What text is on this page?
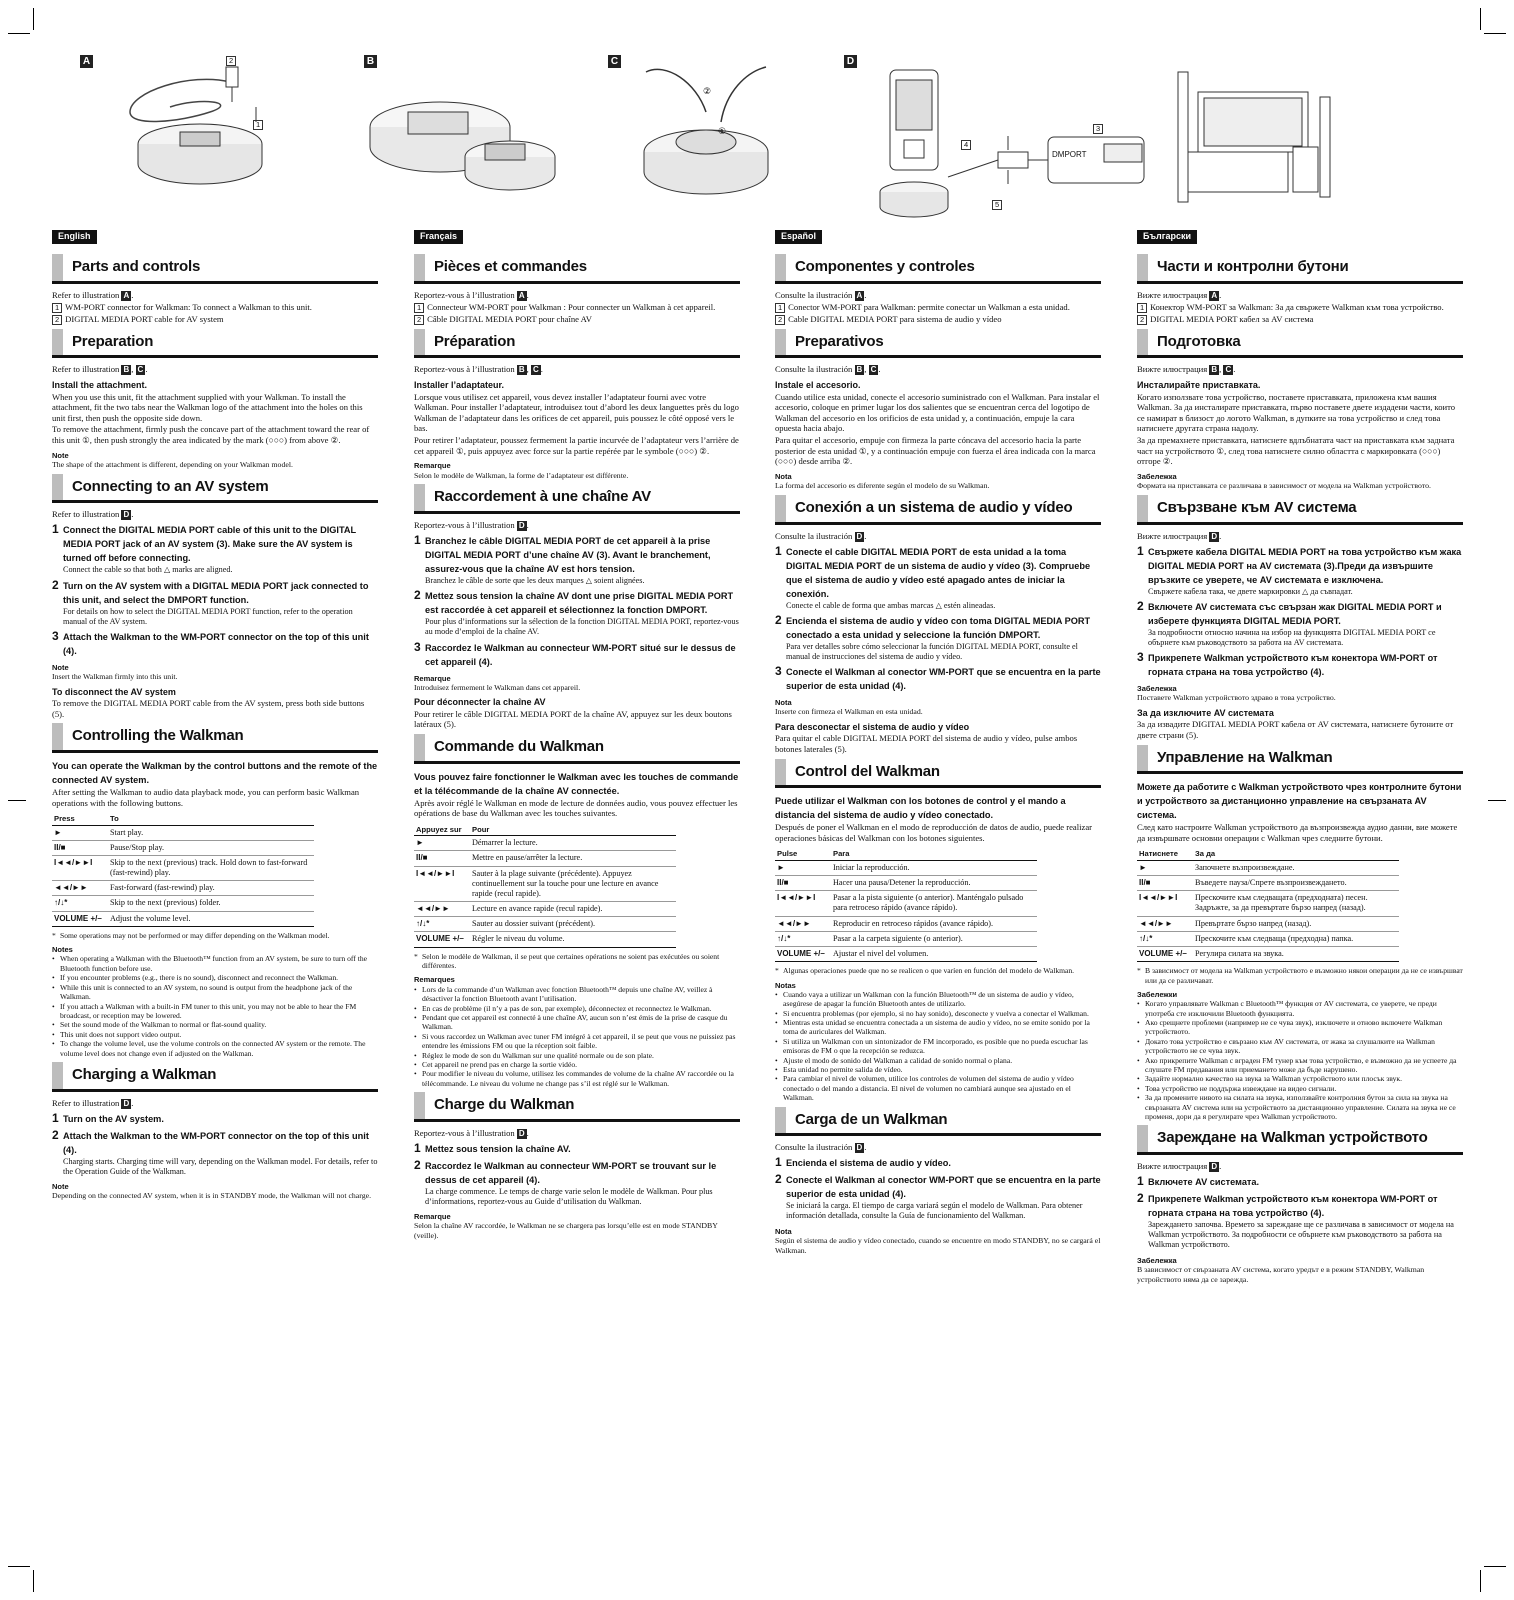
A
1
2	B	C
②
①
D
3
4
5
DMPORT
English
Parts and controls

Refer to illustration A .

1 WM-PORT connector for Walkman: To connect a Walkman to this unit.

2 DIGITAL MEDIA PORT cable for AV system

Preparation

Refer to illustration B , C .

Install the attachment.

When you use this unit, fit the attachment supplied with your Walkman. To install the attachment, fit the two tabs near the Walkman logo of the attachment into the holes on this unit first, then push the opposite side down.

To remove the attachment, firmly push the concave part of the attachment toward the rear of this unit ①, then push strongly the area indicated by the mark (○○○) from above ②.

Note

The shape of the attachment is different, depending on your Walkman model.

Connecting to an AV system

Refer to illustration D .

1 Connect the DIGITAL MEDIA PORT cable of this unit to the DIGITAL MEDIA PORT jack of an AV system (3). Make sure the AV system is turned off before connecting.
Connect the cable so that both △ marks are aligned.
2 Turn on the AV system with a DIGITAL MEDIA PORT jack connected to this unit, and select the DMPORT function.
For details on how to select the DIGITAL MEDIA PORT function, refer to the operation manual of the AV system.
3 Attach the Walkman to the WM-PORT connector on the top of this unit (4).
Note

Insert the Walkman firmly into this unit.

To disconnect the AV system

To remove the DIGITAL MEDIA PORT cable from the AV system, press both side buttons (5).

Controlling the Walkman
You can operate the Walkman by the control buttons and the remote of the connected AV system.

After setting the Walkman to audio data playback mode, you can perform basic Walkman operations with the following buttons.

Press	To
►	Start play.
II/■	Pause/Stop play.
I◄◄/►►I	Skip to the next (previous) track. Hold down to fast-forward (fast-rewind) play.
◄◄/►►	Fast-forward (fast-rewind) play.
↑/↓*	Skip to the next (previous) folder.
VOLUME +/–	Adjust the volume level.
* Some operations may not be performed or may differ depending on the Walkman model.
Notes
• When operating a Walkman with the Bluetooth™ function from an AV system, be sure to turn off the Bluetooth function before use.
• If you encounter problems (e.g., there is no sound), disconnect and reconnect the Walkman.
• While this unit is connected to an AV system, no sound is output from the headphone jack of the Walkman.
• If you attach a Walkman with a built-in FM tuner to this unit, you may not be able to hear the FM broadcast, or reception may be lowered.
• Set the sound mode of the Walkman to normal or flat-sound quality.
• This unit does not support video output.
• To change the volume level, use the volume controls on the connected AV system or the remote. The volume level does not change even if adjusted on the Walkman.
Charging a Walkman

Refer to illustration D .

1 Turn on the AV system.
2 Attach the Walkman to the WM-PORT connector on the top of this unit (4).
Charging starts. Charging time will vary, depending on the Walkman model. For details, refer to the Operation Guide of the Walkman.
Note

Depending on the connected AV system, when it is in STANDBY mode, the Walkman will not charge.

Français
Pièces et commandes

Reportez-vous à l’illustration A .

1 Connecteur WM-PORT pour Walkman : Pour connecter un Walkman à cet appareil.

2 Câble DIGITAL MEDIA PORT pour chaîne AV

Préparation

Reportez-vous à l’illustration B , C .

Installer l’adaptateur.

Lorsque vous utilisez cet appareil, vous devez installer l’adaptateur fourni avec votre Walkman. Pour installer l’adaptateur, introduisez tout d’abord les deux languettes près du logo Walkman de l’adaptateur dans les orifices de cet appareil, puis poussez le côté opposé vers le bas.

Pour retirer l’adaptateur, poussez fermement la partie incurvée de l’adaptateur vers l’arrière de cet appareil ①, puis appuyez avec force sur la partie repérée par le symbole (○○○) ②.

Remarque

Selon le modèle de Walkman, la forme de l’adaptateur est différente.

Raccordement à une chaîne AV

Reportez-vous à l’illustration D .

1 Branchez le câble DIGITAL MEDIA PORT de cet appareil à la prise DIGITAL MEDIA PORT d’une chaîne AV (3). Avant le branchement, assurez-vous que la chaîne AV est hors tension.
Branchez le câble de sorte que les deux marques △ soient alignées.
2 Mettez sous tension la chaîne AV dont une prise DIGITAL MEDIA PORT est raccordée à cet appareil et sélectionnez la fonction DMPORT.
Pour plus d’informations sur la sélection de la fonction DIGITAL MEDIA PORT, reportez-vous au mode d’emploi de la chaîne AV.
3 Raccordez le Walkman au connecteur WM-PORT situé sur le dessus de cet appareil (4).
Remarque

Introduisez fermement le Walkman dans cet appareil.

Pour déconnecter la chaîne AV

Pour retirer le câble DIGITAL MEDIA PORT de la chaîne AV, appuyez sur les deux boutons latéraux (5).

Commande du Walkman
Vous pouvez faire fonctionner le Walkman avec les touches de commande et la télécommande de la chaîne AV connectée.

Après avoir réglé le Walkman en mode de lecture de données audio, vous pouvez effectuer les opérations de base du Walkman avec les touches suivantes.

Appuyez sur	Pour
►	Démarrer la lecture.
II/■	Mettre en pause/arrêter la lecture.
I◄◄/►►I	Sauter à la plage suivante (précédente). Appuyez continuellement sur la touche pour une lecture en avance rapide (recul rapide).
◄◄/►►	Lecture en avance rapide (recul rapide).
↑/↓*	Sauter au dossier suivant (précédent).
VOLUME +/–	Régler le niveau du volume.
* Selon le modèle de Walkman, il se peut que certaines opérations ne soient pas exécutées ou soient différentes.
Remarques
• Lors de la commande d’un Walkman avec fonction Bluetooth™ depuis une chaîne AV, veillez à désactiver la fonction Bluetooth avant l’utilisation.
• En cas de problème (il n’y a pas de son, par exemple), déconnectez et reconnectez le Walkman.
• Pendant que cet appareil est connecté à une chaîne AV, aucun son n’est émis de la prise de casque du Walkman.
• Si vous raccordez un Walkman avec tuner FM intégré à cet appareil, il se peut que vous ne puissiez pas entendre les émissions FM ou que la réception soit faible.
• Réglez le mode de son du Walkman sur une qualité normale ou de son plate.
• Cet appareil ne prend pas en charge la sortie vidéo.
• Pour modifier le niveau du volume, utilisez les commandes de volume de la chaîne AV raccordée ou la télécommande. Le niveau du volume ne change pas s’il est réglé sur le Walkman.
Charge du Walkman

Reportez-vous à l’illustration D .

1 Mettez sous tension la chaîne AV.
2 Raccordez le Walkman au connecteur WM-PORT se trouvant sur le dessus de cet appareil (4).
La charge commence. Le temps de charge varie selon le modèle de Walkman. Pour plus d’informations, reportez-vous au Guide d’utilisation du Walkman.
Remarque

Selon la chaîne AV raccordée, le Walkman ne se chargera pas lorsqu’elle est en mode STANDBY (veille).

Español
Componentes y controles

Consulte la ilustración A .

1 Conector WM-PORT para Walkman: permite conectar un Walkman a esta unidad.

2 Cable DIGITAL MEDIA PORT para sistema de audio y vídeo

Preparativos

Consulte la ilustración B , C .

Instale el accesorio.

Cuando utilice esta unidad, conecte el accesorio suministrado con el Walkman. Para instalar el accesorio, coloque en primer lugar los dos salientes que se encuentran cerca del logotipo de Walkman del accesorio en los orificios de esta unidad y, a continuación, empuje la cara opuesta hacia abajo.

Para quitar el accesorio, empuje con firmeza la parte cóncava del accesorio hacia la parte posterior de esta unidad ①, y a continuación empuje con fuerza el área indicada con la marca (○○○) desde arriba ②.

Nota

La forma del accesorio es diferente según el modelo de su Walkman.

Conexión a un sistema de audio y vídeo

Consulte la ilustración D .

1 Conecte el cable DIGITAL MEDIA PORT de esta unidad a la toma DIGITAL MEDIA PORT de un sistema de audio y vídeo (3). Compruebe que el sistema de audio y vídeo esté apagado antes de iniciar la conexión.
Conecte el cable de forma que ambas marcas △ estén alineadas.
2 Encienda el sistema de audio y vídeo con toma DIGITAL MEDIA PORT conectado a esta unidad y seleccione la función DMPORT.
Para ver detalles sobre cómo seleccionar la función DIGITAL MEDIA PORT, consulte el manual de instrucciones del sistema de audio y vídeo.
3 Conecte el Walkman al conector WM-PORT que se encuentra en la parte superior de esta unidad (4).
Nota

Inserte con firmeza el Walkman en esta unidad.

Para desconectar el sistema de audio y vídeo

Para quitar el cable DIGITAL MEDIA PORT del sistema de audio y vídeo, pulse ambos botones laterales (5).

Control del Walkman
Puede utilizar el Walkman con los botones de control y el mando a distancia del sistema de audio y vídeo conectado.

Después de poner el Walkman en el modo de reproducción de datos de audio, puede realizar operaciones básicas del Walkman con los botones siguientes.

Pulse	Para
►	Iniciar la reproducción.
II/■	Hacer una pausa/Detener la reproducción.
I◄◄/►►I	Pasar a la pista siguiente (o anterior). Manténgalo pulsado para retroceso rápido (avance rápido).
◄◄/►►	Reproducir en retroceso rápidos (avance rápido).
↑/↓*	Pasar a la carpeta siguiente (o anterior).
VOLUME +/–	Ajustar el nivel del volumen.
* Algunas operaciones puede que no se realicen o que varíen en función del modelo de Walkman.
Notas
• Cuando vaya a utilizar un Walkman con la función Bluetooth™ de un sistema de audio y vídeo, asegúrese de apagar la función Bluetooth antes de utilizarlo.
• Si encuentra problemas (por ejemplo, si no hay sonido), desconecte y vuelva a conectar el Walkman.
• Mientras esta unidad se encuentra conectada a un sistema de audio y vídeo, no se emite sonido por la toma de auriculares del Walkman.
• Si utiliza un Walkman con un sintonizador de FM incorporado, es posible que no pueda escuchar las emisoras de FM o que la recepción se reduzca.
• Ajuste el modo de sonido del Walkman a calidad de sonido normal o plana.
• Esta unidad no permite salida de vídeo.
• Para cambiar el nivel de volumen, utilice los controles de volumen del sistema de audio y vídeo conectado o del mando a distancia. El nivel de volumen no cambiará aunque sea ajustado en el Walkman.
Carga de un Walkman

Consulte la ilustración D .

1 Encienda el sistema de audio y vídeo.
2 Conecte el Walkman al conector WM-PORT que se encuentra en la parte superior de esta unidad (4).
Se iniciará la carga. El tiempo de carga variará según el modelo de Walkman. Para obtener información detallada, consulte la Guía de funcionamiento del Walkman.
Nota

Según el sistema de audio y vídeo conectado, cuando se encuentre en modo STANDBY, no se cargará el Walkman.

Български
Части и контролни бутони

Вижте илюстрация A .

1 Конектор WM-PORT за Walkman: За да свържете Walkman към това устройство.

2 DIGITAL MEDIA PORT кабел за AV система

Подготовка

Вижте илюстрация B , C .

Инсталирайте приставката.

Когато използвате това устройство, поставете приставката, приложена към вашия Walkman. За да инсталирате приставката, първо поставете двете издадени части, които се намират в близост до логото Walkman, в дупките на това устройство и след това натиснете другата страна надолу.

За да премахнете приставката, натиснете вдлъбнатата част на приставката към задната част на устройството ①, след това натиснете силно областта с маркировката (○○○) отгоре ②.

Забележка

Формата на приставката се различава в зависимост от модела на Walkman устройството.

Свързване към AV система

Вижте илюстрация D .

1 Свържете кабела DIGITAL MEDIA PORT на това устройство към жака DIGITAL MEDIA PORT на AV системата (3).Преди да извършите връзките се уверете, че AV системата е изключена.
Свържете кабела така, че двете маркировки △ да съвпадат.
2 Включете AV системата със свързан жак DIGITAL MEDIA PORT и изберете функцията DIGITAL MEDIA PORT.
За подробности относно начина на избор на функцията DIGITAL MEDIA PORT се обърнете към ръководството за работа на AV системата.
3 Прикрепете Walkman устройството към конектора WM-PORT от горната страна на това устройство (4).
Забележка

Поставете Walkman устройството здраво в това устройство.

За да изключите AV системата

За да извадите DIGITAL MEDIA PORT кабела от AV системата, натиснете бутоните от двете страни (5).

Управление на Walkman
Можете да работите с Walkman устройството чрез контролните бутони и устройството за дистанционно управление на свързаната AV система.

След като настроите Walkman устройството да възпроизвежда аудио данни, вие можете да извършвате основни операции с Walkman чрез следните бутони.

Натиснете	За да
►	Започнете възпроизвеждане.
II/■	Въведете пауза/Спрете възпроизвеждането.
I◄◄/►►I	Прескочите към следващата (предходната) песен. Задръжте, за да превъртате бързо напред (назад).
◄◄/►►	Превъртате бързо напред (назад).
↑/↓*	Прескочите към следваща (предходна) папка.
VOLUME +/–	Регулира силата на звука.
* В зависимост от модела на Walkman устройството е възможно някои операции да не се извършват или да се различават.
Забележки
• Когато управлявате Walkman с Bluetooth™ функция от AV системата, се уверете, че преди употреба сте изключили Bluetooth функцията.
• Ако срещнете проблеми (например не се чува звук), изключете и отново включете Walkman устройството.
• Докато това устройство е свързано към AV системата, от жака за слушалките на Walkman устройството не се чува звук.
• Ако прикрепите Walkman с вграден FM тунер към това устройство, е възможно да не успеете да слушате FM предавания или приемането може да бъде нарушено.
• Задайте нормално качество на звука за Walkman устройството или плосък звук.
• Това устройство не поддържа извеждане на видео сигнали.
• За да промените нивото на силата на звука, използвайте контролния бутон за сила на звука на свързаната AV система или на устройството за дистанционно управление. Силата на звука не се променя, дори да я регулирате чрез Walkman устройството.
Зареждане на Walkman устройството

Вижте илюстрация D .

1 Включете AV системата.
2 Прикрепете Walkman устройството към конектора WM-PORT от горната страна на това устройство (4).
Зареждането започва. Времето за зареждане ще се различава в зависимост от модела на Walkman устройството. За подробности се обърнете към ръководството за работа на Walkman устройството.
Забележка

В зависимост от свързаната AV система, когато уредът е в режим STANDBY, Walkman устройството няма да се зарежда.
